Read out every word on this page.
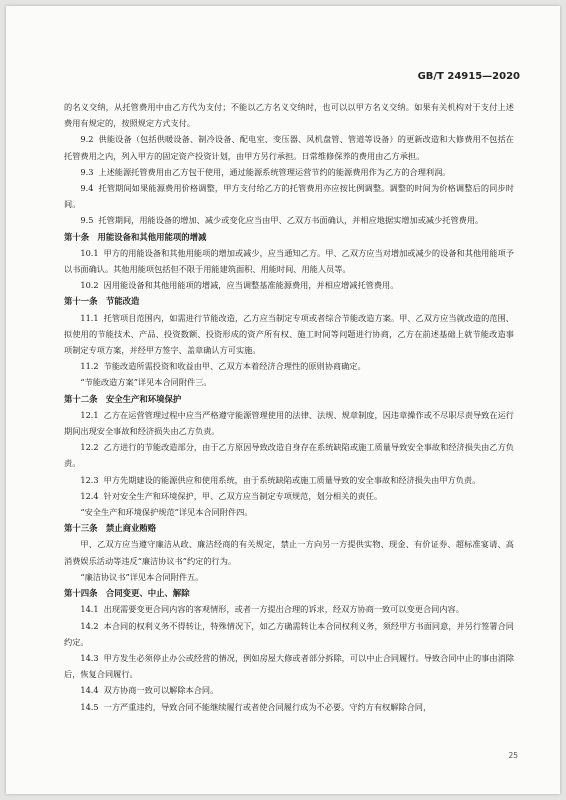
GB/T 24915—2020

的名义交纳，从托管费用中由乙方代为支付；不能以乙方名义交纳时，也可以以甲方名义交纳。如果有关机构对于支付上述费用有规定的，按照规定方式支付。

9.2 供能设备（包括供暖设备、制冷设备、配电室、变压器、风机盘管、管道等设备）的更新改造和大修费用不包括在托管费用之内，列入甲方的固定资产投资计划，由甲方另行承担。日常维修保养的费用由乙方承担。

9.3 上述能源托管费用由乙方包干使用，通过能源系统管理运营节约的能源费用作为乙方的合理利润。

9.4 托管期间如果能源费用价格调整，甲方支付给乙方的托管费用亦应按比例调整。调整的时间为价格调整后的同步时间。

9.5 托管期间，用能设备的增加、减少或变化应当由甲、乙双方书面确认，并相应地据实增加或减少托管费用。

第十条　用能设备和其他用能项的增减

10.1 甲方的用能设备和其他用能项的增加或减少，应当通知乙方。甲、乙双方应当对增加或减少的设备和其他用能项予以书面确认。其他用能项包括但不限于用能建筑面积、用能时间、用能人员等。

10.2 因用能设备和其他用能项的增减，应当调整基准能源费用，并相应增减托管费用。

第十一条　节能改造

11.1 托管项目范围内，如需进行节能改造，乙方应当制定专项或者综合节能改造方案。甲、乙双方应当就改造的范围、拟使用的节能技术、产品、投资数额、投资形成的资产所有权、施工时间等问题进行协商，乙方在前述基础上就节能改造事项制定专项方案，并经甲方签字、盖章确认方可实施。

11.2 节能改造所需投资和收益由甲、乙双方本着经济合理性的原则协商确定。

“节能改造方案”详见本合同附件三。

第十二条　安全生产和环境保护

12.1 乙方在运营管理过程中应当严格遵守能源管理使用的法律、法规、规章制度，因违章操作或不尽职尽责导致在运行期间出现安全事故和经济损失由乙方负责。

12.2 乙方进行的节能改造部分，由于乙方原因导致改造自身存在系统缺陷或施工质量导致安全事故和经济损失由乙方负责。

12.3 甲方先期建设的能源供应和使用系统，由于系统缺陷或施工质量导致的安全事故和经济损失由甲方负责。

12.4 针对安全生产和环境保护，甲、乙双方应当制定专项规范，划分相关的责任。

“安全生产和环境保护规范”详见本合同附件四。

第十三条　禁止商业贿赂

甲、乙双方应当遵守廉洁从政、廉洁经商的有关规定，禁止一方向另一方提供实物、现金、有价证券、超标准宴请、高消费娱乐活动等违反“廉洁协议书”约定的行为。

“廉洁协议书”详见本合同附件五。

第十四条　合同变更、中止、解除

14.1 出现需要变更合同内容的客观情形，或者一方提出合理的诉求，经双方协商一致可以变更合同内容。

14.2 本合同的权利义务不得转让，特殊情况下，如乙方确需转让本合同权利义务，须经甲方书面同意，并另行签署合同约定。

14.3 甲方发生必须停止办公或经营的情况，例如房屋大修或者部分拆除，可以中止合同履行。导致合同中止的事由消除后，恢复合同履行。

14.4 双方协商一致可以解除本合同。

14.5 一方严重违约，导致合同不能继续履行或者使合同履行成为不必要。守约方有权解除合同，

25
